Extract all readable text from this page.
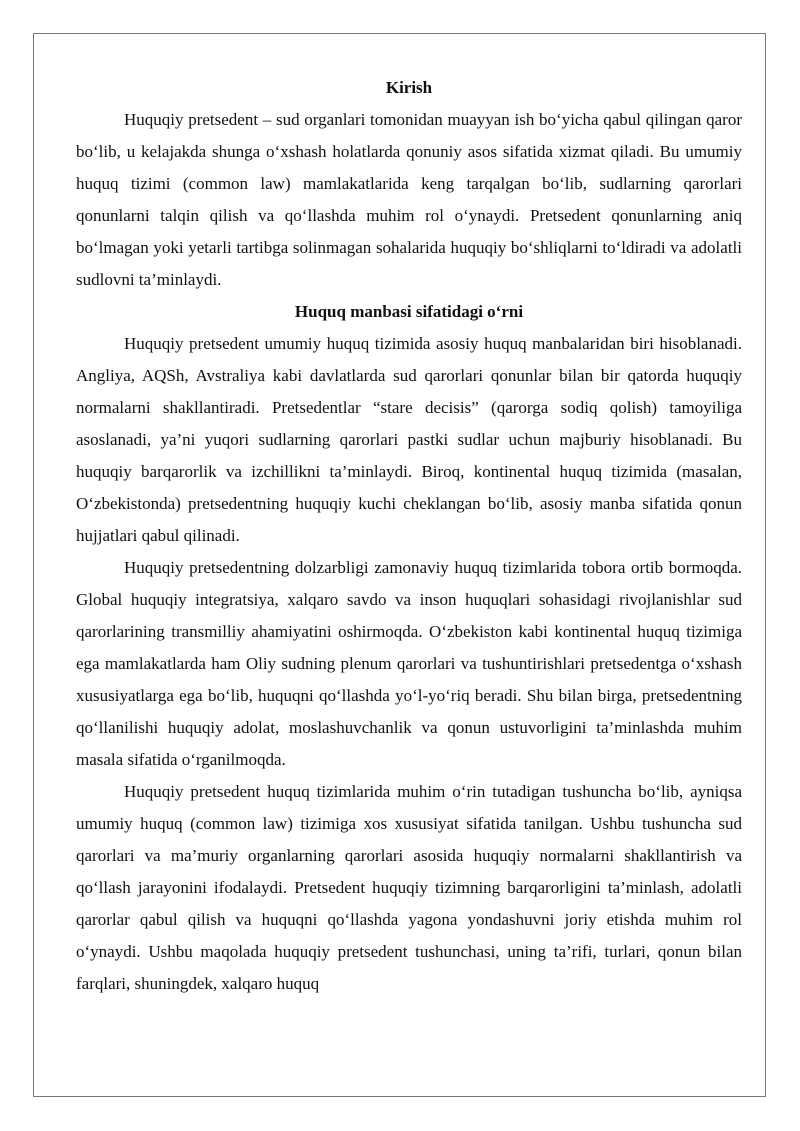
Kirish

Huquqiy pretsedent – sud organlari tomonidan muayyan ish bo‘yicha qabul qilingan qaror bo‘lib, u kelajakda shunga o‘xshash holatlarda qonuniy asos sifatida xizmat qiladi. Bu umumiy huquq tizimi (common law) mamlakatlarida keng tarqalgan bo‘lib, sudlarning qarorlari qonunlarni talqin qilish va qo‘llashda muhim rol o‘ynaydi. Pretsedent qonunlarning aniq bo‘lmagan yoki yetarli tartibga solinmagan sohalarida huquqiy bo‘shliqlarni to‘ldiradi va adolatli sudlovni ta’minlaydi.

Huquq manbasi sifatidagi o‘rni

Huquqiy pretsedent umumiy huquq tizimida asosiy huquq manbalaridan biri hisoblanadi. Angliya, AQSh, Avstraliya kabi davlatlarda sud qarorlari qonunlar bilan bir qatorda huquqiy normalarni shakllantiradi. Pretsedentlar “stare decisis” (qarorga sodiq qolish) tamoyiliga asoslanadi, ya’ni yuqori sudlarning qarorlari pastki sudlar uchun majburiy hisoblanadi. Bu huquqiy barqarorlik va izchillikni ta’minlaydi. Biroq, kontinental huquq tizimida (masalan, O‘zbekistonda) pretsedentning huquqiy kuchi cheklangan bo‘lib, asosiy manba sifatida qonun hujjatlari qabul qilinadi.

Huquqiy pretsedentning dolzarbligi zamonaviy huquq tizimlarida tobora ortib bormoqda. Global huquqiy integratsiya, xalqaro savdo va inson huquqlari sohasidagi rivojlanishlar sud qarorlarining transmilliy ahamiyatini oshirmoqda. O‘zbekiston kabi kontinental huquq tizimiga ega mamlakatlarda ham Oliy sudning plenum qarorlari va tushuntirishlari pretsedentga o‘xshash xususiyatlarga ega bo‘lib, huquqni qo‘llashda yo‘l-yo‘riq beradi. Shu bilan birga, pretsedentning qo‘llanilishi huquqiy adolat, moslashuvchanlik va qonun ustuvorligini ta’minlashda muhim masala sifatida o‘rganilmoqda.

Huquqiy pretsedent huquq tizimlarida muhim o‘rin tutadigan tushuncha bo‘lib, ayniqsa umumiy huquq (common law) tizimiga xos xususiyat sifatida tanilgan. Ushbu tushuncha sud qarorlari va ma’muriy organlarning qarorlari asosida huquqiy normalarni shakllantirish va qo‘llash jarayonini ifodalaydi. Pretsedent huquqiy tizimning barqarorligini ta’minlash, adolatli qarorlar qabul qilish va huquqni qo‘llashda yagona yondashuvni joriy etishda muhim rol o‘ynaydi. Ushbu maqolada huquqiy pretsedent tushunchasi, uning ta’rifi, turlari, qonun bilan farqlari, shuningdek, xalqaro huquq
